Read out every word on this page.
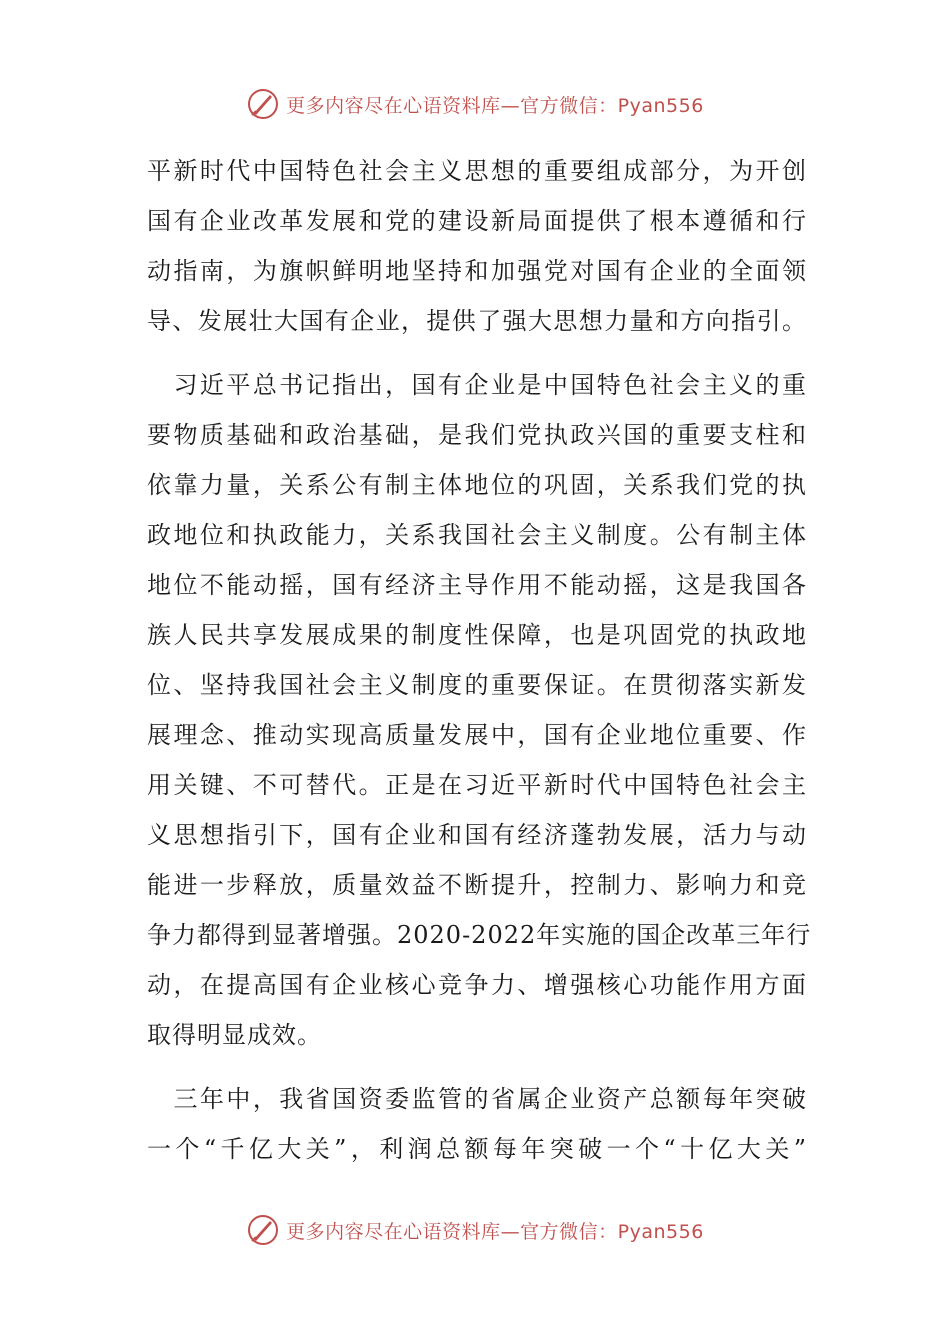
更多内容尽在心语资料库—官方微信：Pyan556
平新时代中国特色社会主义思想的重要组成部分，为开创
国有企业改革发展和党的建设新局面提供了根本遵循和行
动指南，为旗帜鲜明地坚持和加强党对国有企业的全面领
导、发展壮大国有企业，提供了强大思想力量和方向指引。
　习近平总书记指出，国有企业是中国特色社会主义的重
要物质基础和政治基础，是我们党执政兴国的重要支柱和
依靠力量，关系公有制主体地位的巩固，关系我们党的执
政地位和执政能力，关系我国社会主义制度。公有制主体
地位不能动摇，国有经济主导作用不能动摇，这是我国各
族人民共享发展成果的制度性保障，也是巩固党的执政地
位、坚持我国社会主义制度的重要保证。在贯彻落实新发
展理念、推动实现高质量发展中，国有企业地位重要、作
用关键、不可替代。正是在习近平新时代中国特色社会主
义思想指引下，国有企业和国有经济蓬勃发展，活力与动
能进一步释放，质量效益不断提升，控制力、影响力和竞
争力都得到显著增强。2020-2022年实施的国企改革三年行
动，在提高国有企业核心竞争力、增强核心功能作用方面
取得明显成效。
　三年中，我省国资委监管的省属企业资产总额每年突破
一个“千亿大关”，利润总额每年突破一个“十亿大关”
更多内容尽在心语资料库—官方微信：Pyan556
